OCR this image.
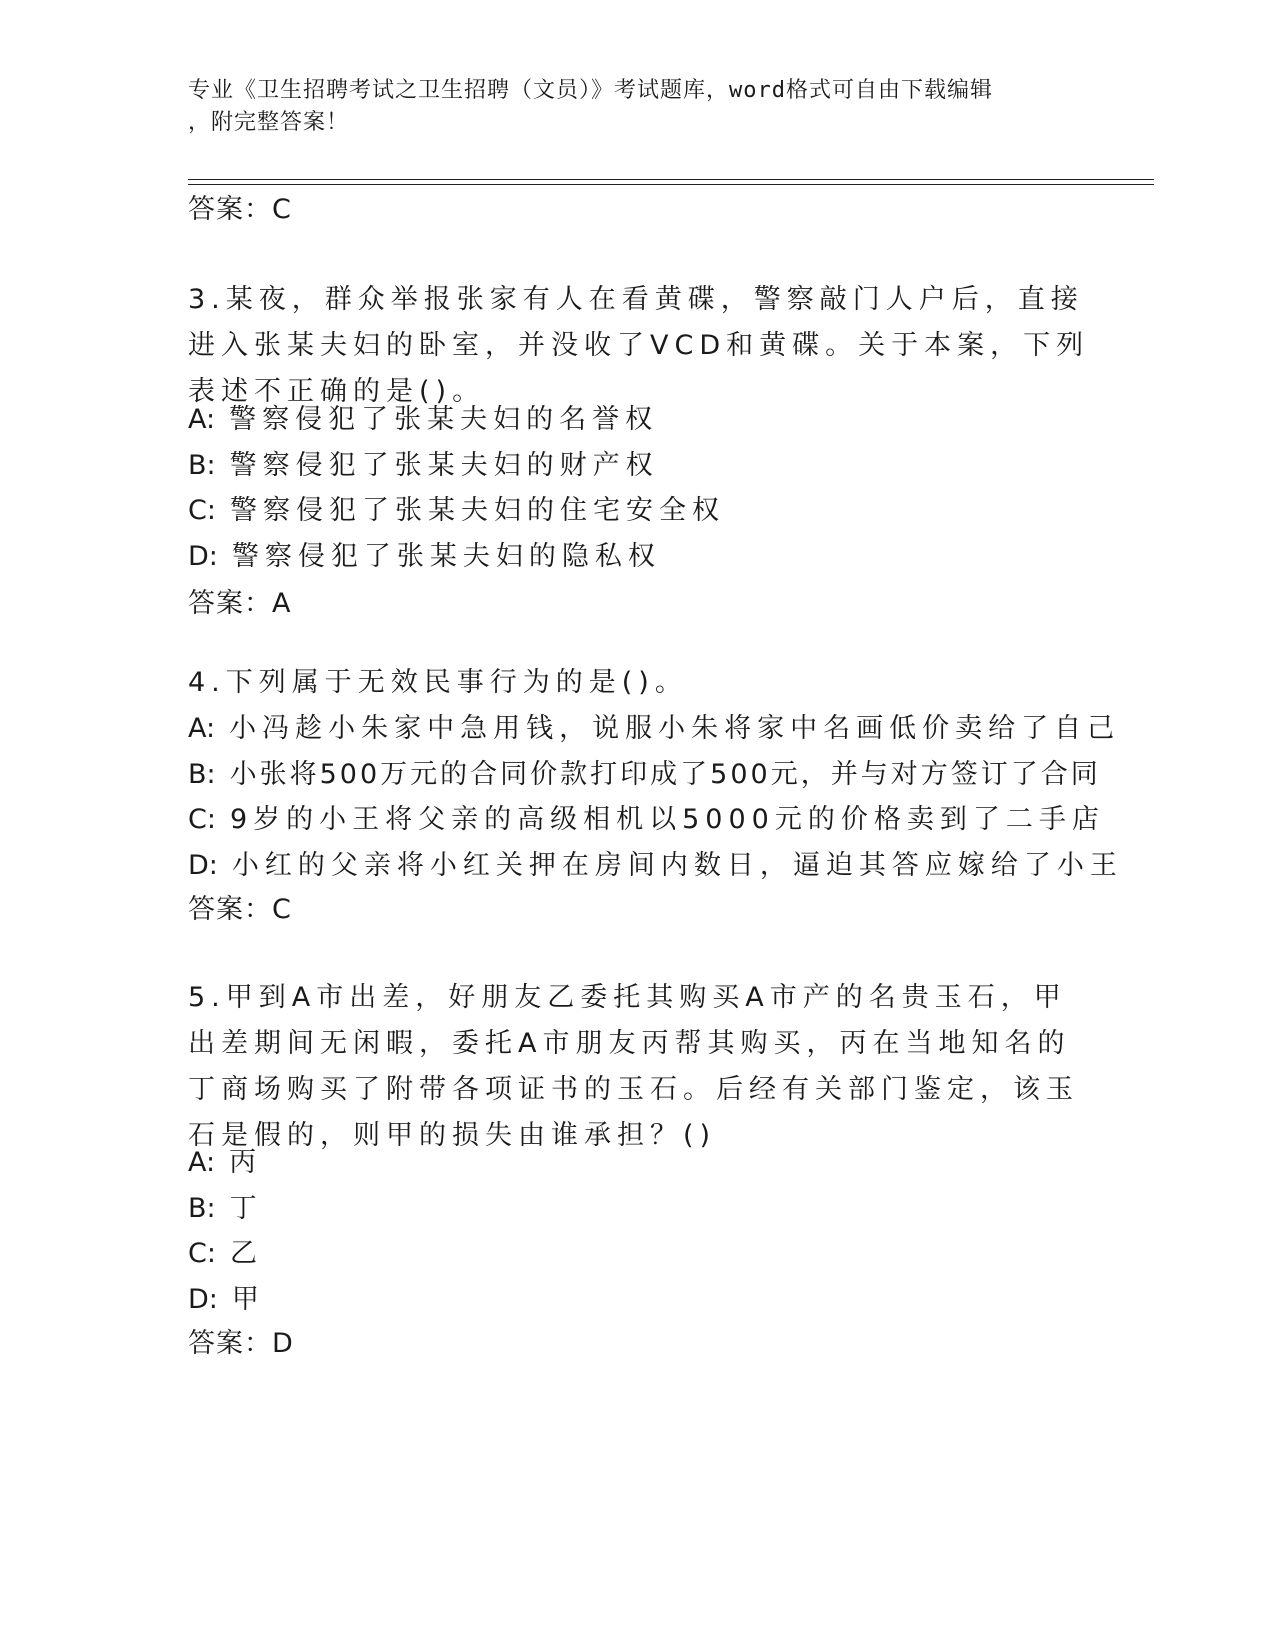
专业《卫生招聘考试之卫生招聘（文员）》考试题库，word格式可自由下载编辑
，附完整答案！
答案：C

3.某夜，群众举报张家有人在看黄碟，警察敲门人户后，直接进入张某夫妇的卧室，并没收了VCD和黄碟。关于本案，下列表述不正确的是()。

A: 警察侵犯了张某夫妇的名誉权
B: 警察侵犯了张某夫妇的财产权
C: 警察侵犯了张某夫妇的住宅安全权
D: 警察侵犯了张某夫妇的隐私权
答案：A

4.下列属于无效民事行为的是()。

A: 小冯趁小朱家中急用钱，说服小朱将家中名画低价卖给了自己
B: 小张将500万元的合同价款打印成了500元，并与对方签订了合同
C: 9岁的小王将父亲的高级相机以5000元的价格卖到了二手店
D: 小红的父亲将小红关押在房间内数日，逼迫其答应嫁给了小王
答案：C

5.甲到A市出差，好朋友乙委托其购买A市产的名贵玉石，甲出差期间无闲暇，委托A市朋友丙帮其购买，丙在当地知名的丁商场购买了附带各项证书的玉石。后经有关部门鉴定，该玉石是假的，则甲的损失由谁承担？()

A: 丙
B: 丁
C: 乙
D: 甲
答案：D
